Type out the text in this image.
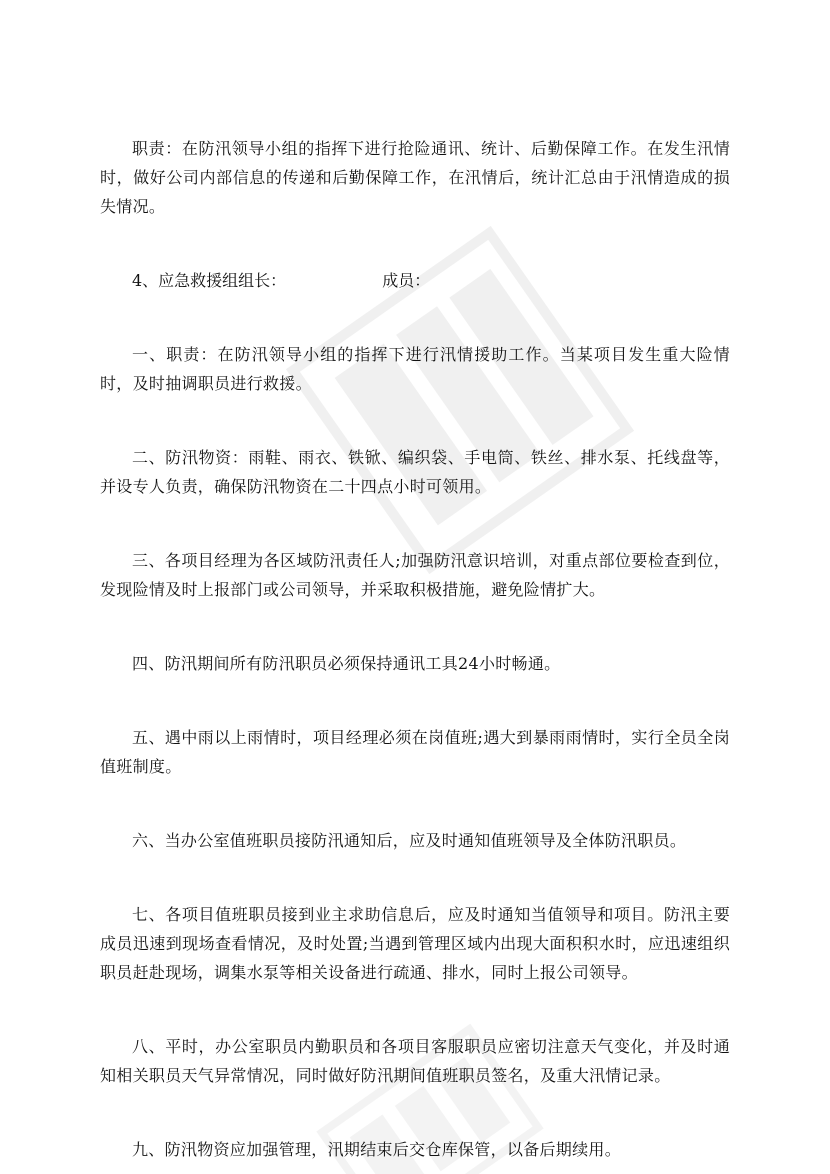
职责：在防汛领导小组的指挥下进行抢险通讯、统计、后勤保障工作。在发生汛情时，做好公司内部信息的传递和后勤保障工作，在汛情后，统计汇总由于汛情造成的损失情况。

4、应急救援组组长：	成员：

一、职责：在防汛领导小组的指挥下进行汛情援助工作。当某项目发生重大险情时，及时抽调职员进行救援。

二、防汛物资：雨鞋、雨衣、铁锨、编织袋、手电筒、铁丝、排水泵、托线盘等，并设专人负责，确保防汛物资在二十四点小时可领用。

三、各项目经理为各区域防汛责任人;加强防汛意识培训，对重点部位要检查到位，发现险情及时上报部门或公司领导，并采取积极措施，避免险情扩大。

四、防汛期间所有防汛职员必须保持通讯工具24小时畅通。

五、遇中雨以上雨情时，项目经理必须在岗值班;遇大到暴雨雨情时，实行全员全岗值班制度。

六、当办公室值班职员接防汛通知后，应及时通知值班领导及全体防汛职员。

七、各项目值班职员接到业主求助信息后，应及时通知当值领导和项目。防汛主要成员迅速到现场查看情况，及时处置;当遇到管理区域内出现大面积积水时，应迅速组织职员赶赴现场，调集水泵等相关设备进行疏通、排水，同时上报公司领导。

八、平时，办公室职员内勤职员和各项目客服职员应密切注意天气变化，并及时通知相关职员天气异常情况，同时做好防汛期间值班职员签名，及重大汛情记录。

九、防汛物资应加强管理，汛期结束后交仓库保管，以备后期续用。
